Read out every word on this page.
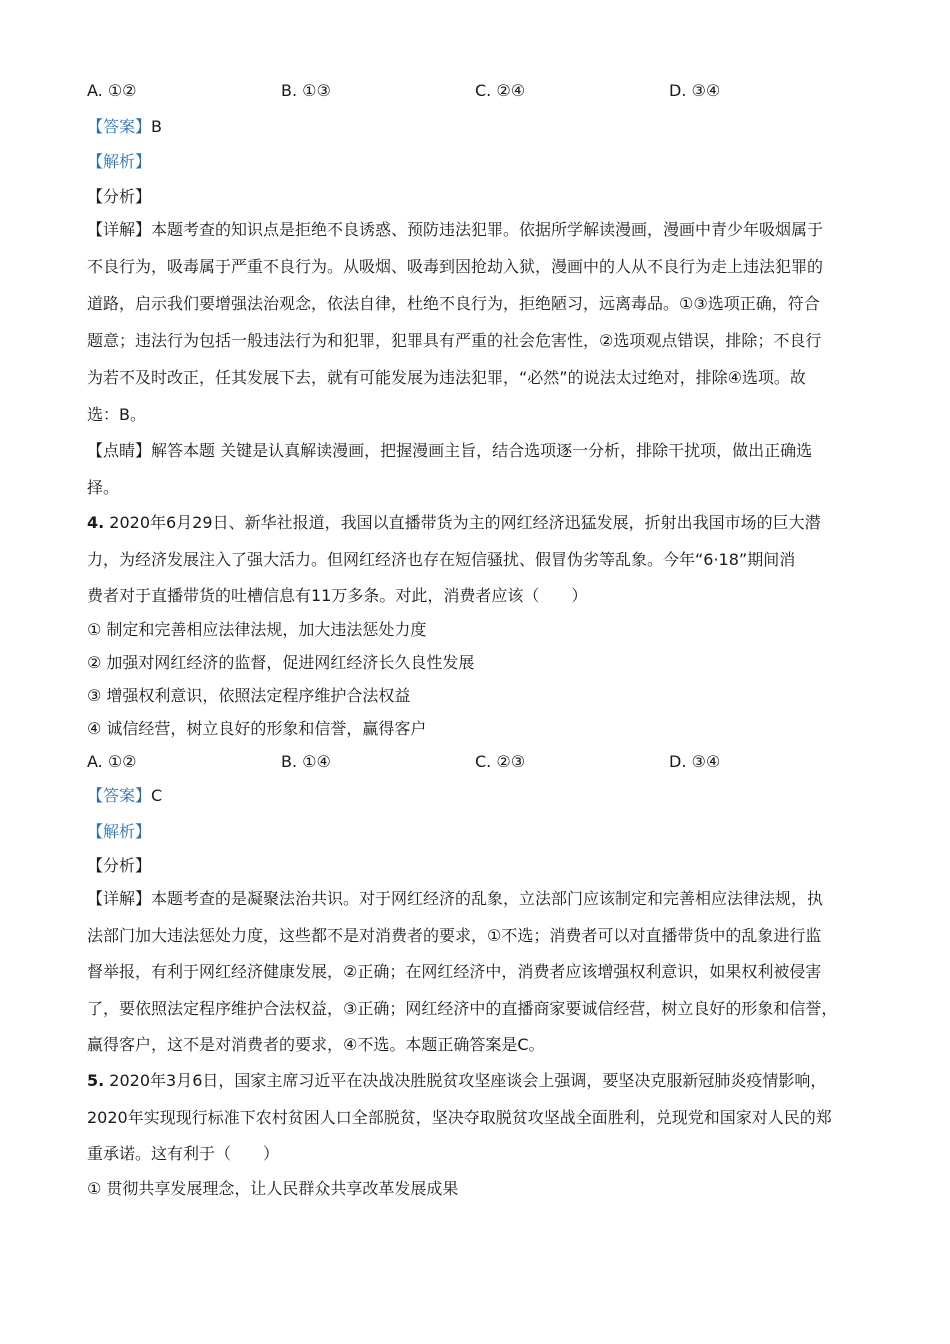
A. ①②	B. ①③	C. ②④	D. ③④
【答案】B
【解析】
【分析】
【详解】本题考查的知识点是拒绝不良诱惑、预防违法犯罪。依据所学解读漫画，漫画中青少年吸烟属于
不良行为，吸毒属于严重不良行为。从吸烟、吸毒到因抢劫入狱，漫画中的人从不良行为走上违法犯罪的
道路，启示我们要增强法治观念，依法自律，杜绝不良行为，拒绝陋习，远离毒品。①③选项正确，符合
题意；违法行为包括一般违法行为和犯罪，犯罪具有严重的社会危害性，②选项观点错误，排除；不良行
为若不及时改正，任其发展下去，就有可能发展为违法犯罪，“必然”的说法太过绝对，排除④选项。故
选：B。
【点睛】解答本题 关键是认真解读漫画，把握漫画主旨，结合选项逐一分析，排除干扰项，做出正确选
择。
4. 2020年6月29日、新华社报道，我国以直播带货为主的网红经济迅猛发展，折射出我国市场的巨大潜
力，为经济发展注入了强大活力。但网红经济也存在短信骚扰、假冒伪劣等乱象。今年“6·18”期间消
费者对于直播带货的吐槽信息有11万多条。对此，消费者应该（　　）
① 制定和完善相应法律法规，加大违法惩处力度
② 加强对网红经济的监督，促进网红经济长久良性发展
③ 增强权利意识，依照法定程序维护合法权益
④ 诚信经营，树立良好的形象和信誉，赢得客户
A. ①②	B. ①④	C. ②③	D. ③④
【答案】C
【解析】
【分析】
【详解】本题考查的是凝聚法治共识。对于网红经济的乱象，立法部门应该制定和完善相应法律法规，执
法部门加大违法惩处力度，这些都不是对消费者的要求，①不选；消费者可以对直播带货中的乱象进行监
督举报，有利于网红经济健康发展，②正确；在网红经济中，消费者应该增强权利意识，如果权利被侵害
了，要依照法定程序维护合法权益，③正确；网红经济中的直播商家要诚信经营，树立良好的形象和信誉，
赢得客户，这不是对消费者的要求，④不选。本题正确答案是C。
5. 2020年3月6日，国家主席习近平在决战决胜脱贫攻坚座谈会上强调，要坚决克服新冠肺炎疫情影响，
2020年实现现行标准下农村贫困人口全部脱贫，坚决夺取脱贫攻坚战全面胜利，兑现党和国家对人民的郑
重承诺。这有利于（　　）
① 贯彻共享发展理念，让人民群众共享改革发展成果
